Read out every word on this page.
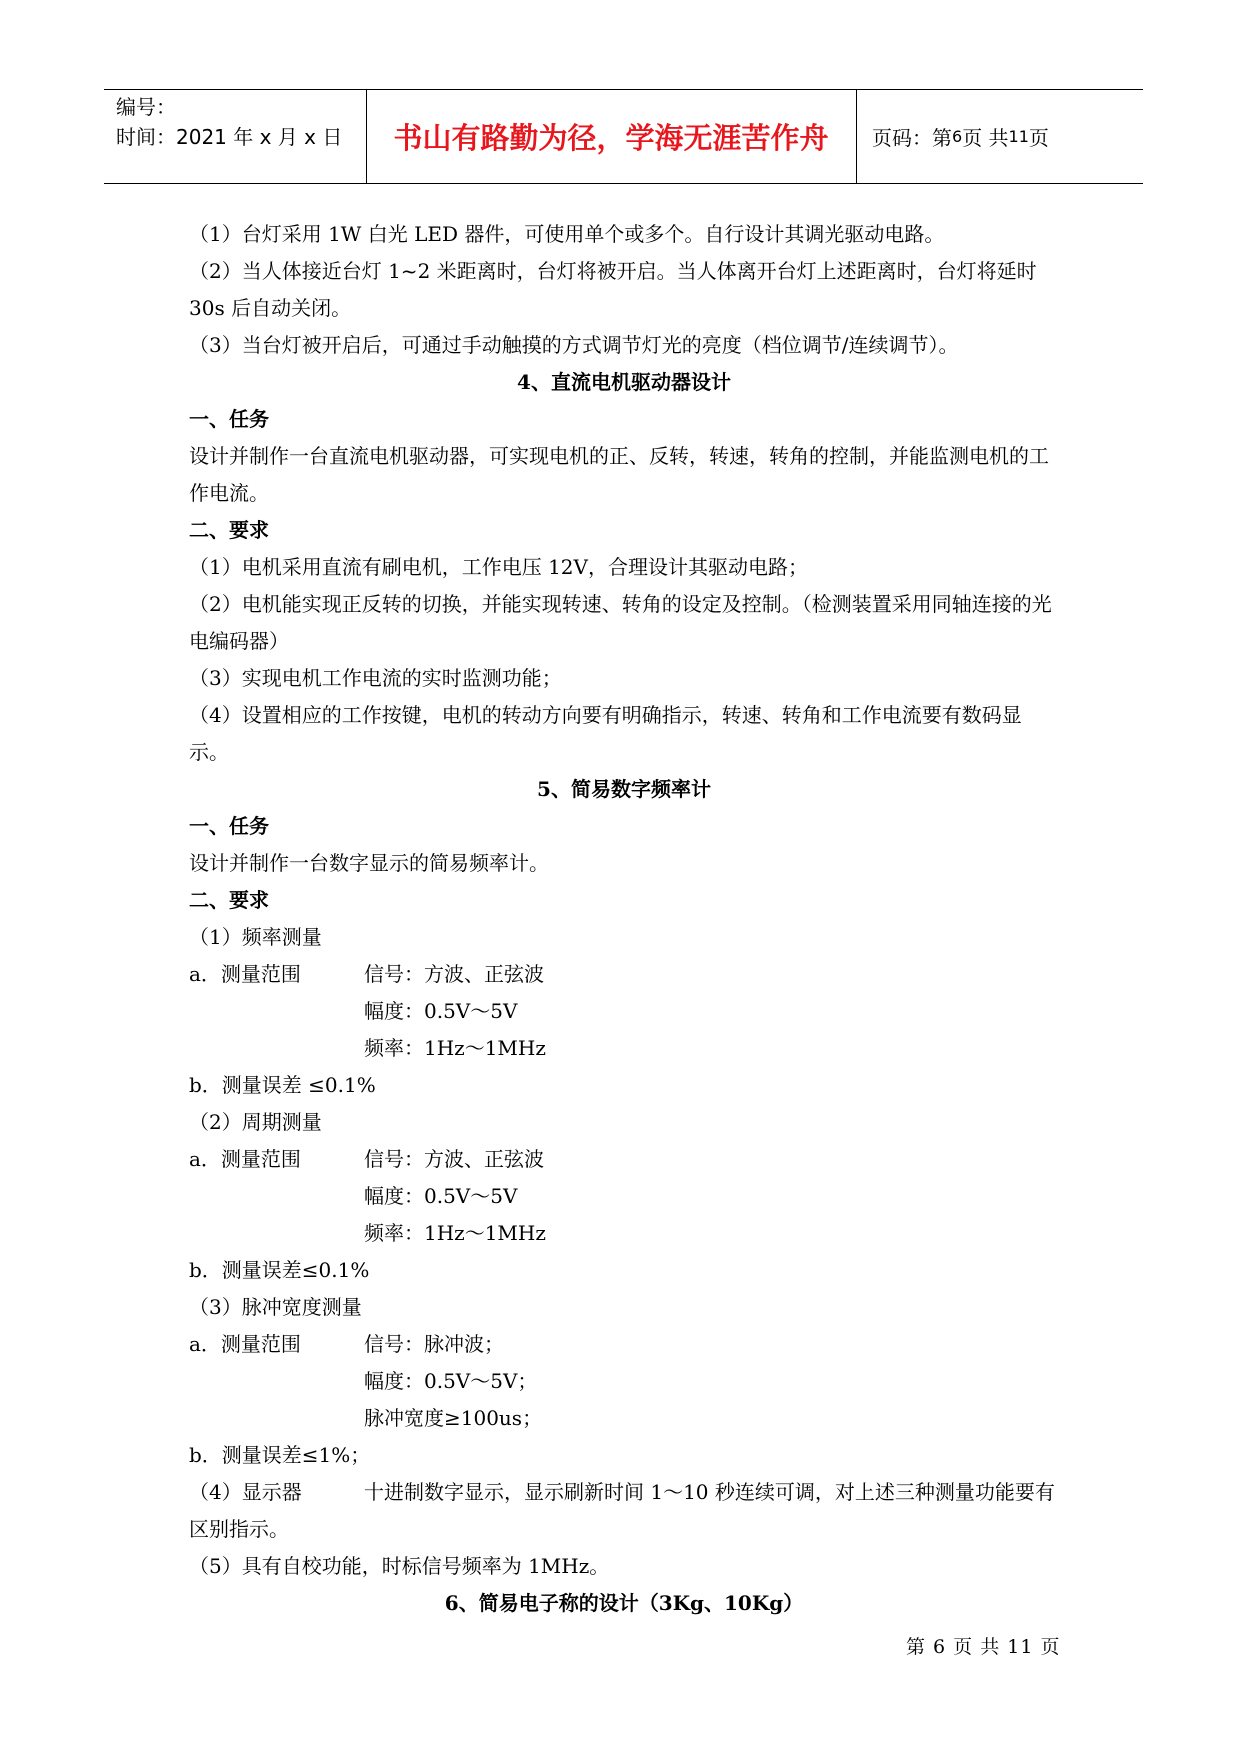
编号：
时间：2021 年 x 月 x 日	书山有路勤为径，学海无涯苦作舟	页码：第 6 页 共 11 页
（1）台灯采用 1W 白光 LED 器件，可使用单个或多个。自行设计其调光驱动电路。
（2）当人体接近台灯 1~2 米距离时，台灯将被开启。当人体离开台灯上述距离时，台灯将延时 30s 后自动关闭。
（3）当台灯被开启后，可通过手动触摸的方式调节灯光的亮度（档位调节/连续调节）。
4、直流电机驱动器设计
一、任务
设计并制作一台直流电机驱动器，可实现电机的正、反转，转速，转角的控制，并能监测电机的工作电流。
二、要求
（1）电机采用直流有刷电机，工作电压 12V，合理设计其驱动电路；
（2）电机能实现正反转的切换，并能实现转速、转角的设定及控制。（检测装置采用同轴连接的光电编码器）
（3）实现电机工作电流的实时监测功能；
（4）设置相应的工作按键，电机的转动方向要有明确指示，转速、转角和工作电流要有数码显示。
5、简易数字频率计
一、任务
设计并制作一台数字显示的简易频率计。
二、要求
（1）频率测量
a．测量范围	信号：方波、正弦波
幅度：0.5V～5V
频率：1Hz～1MHz
b．测量误差 ≤0.1%
（2）周期测量
a．测量范围	信号：方波、正弦波
幅度：0.5V～5V
频率：1Hz～1MHz
b．测量误差≤0.1%
（3）脉冲宽度测量
a．测量范围	信号：脉冲波；
幅度：0.5V～5V；
脉冲宽度≥100us；
b．测量误差≤1%；
（4）显示器	十进制数字显示，显示刷新时间 1～10 秒连续可调，对上述三种测量功能要有区别指示。
（5）具有自校功能，时标信号频率为 1MHz。
6、简易电子称的设计（3Kg、10Kg）
第 6 页 共 11 页
